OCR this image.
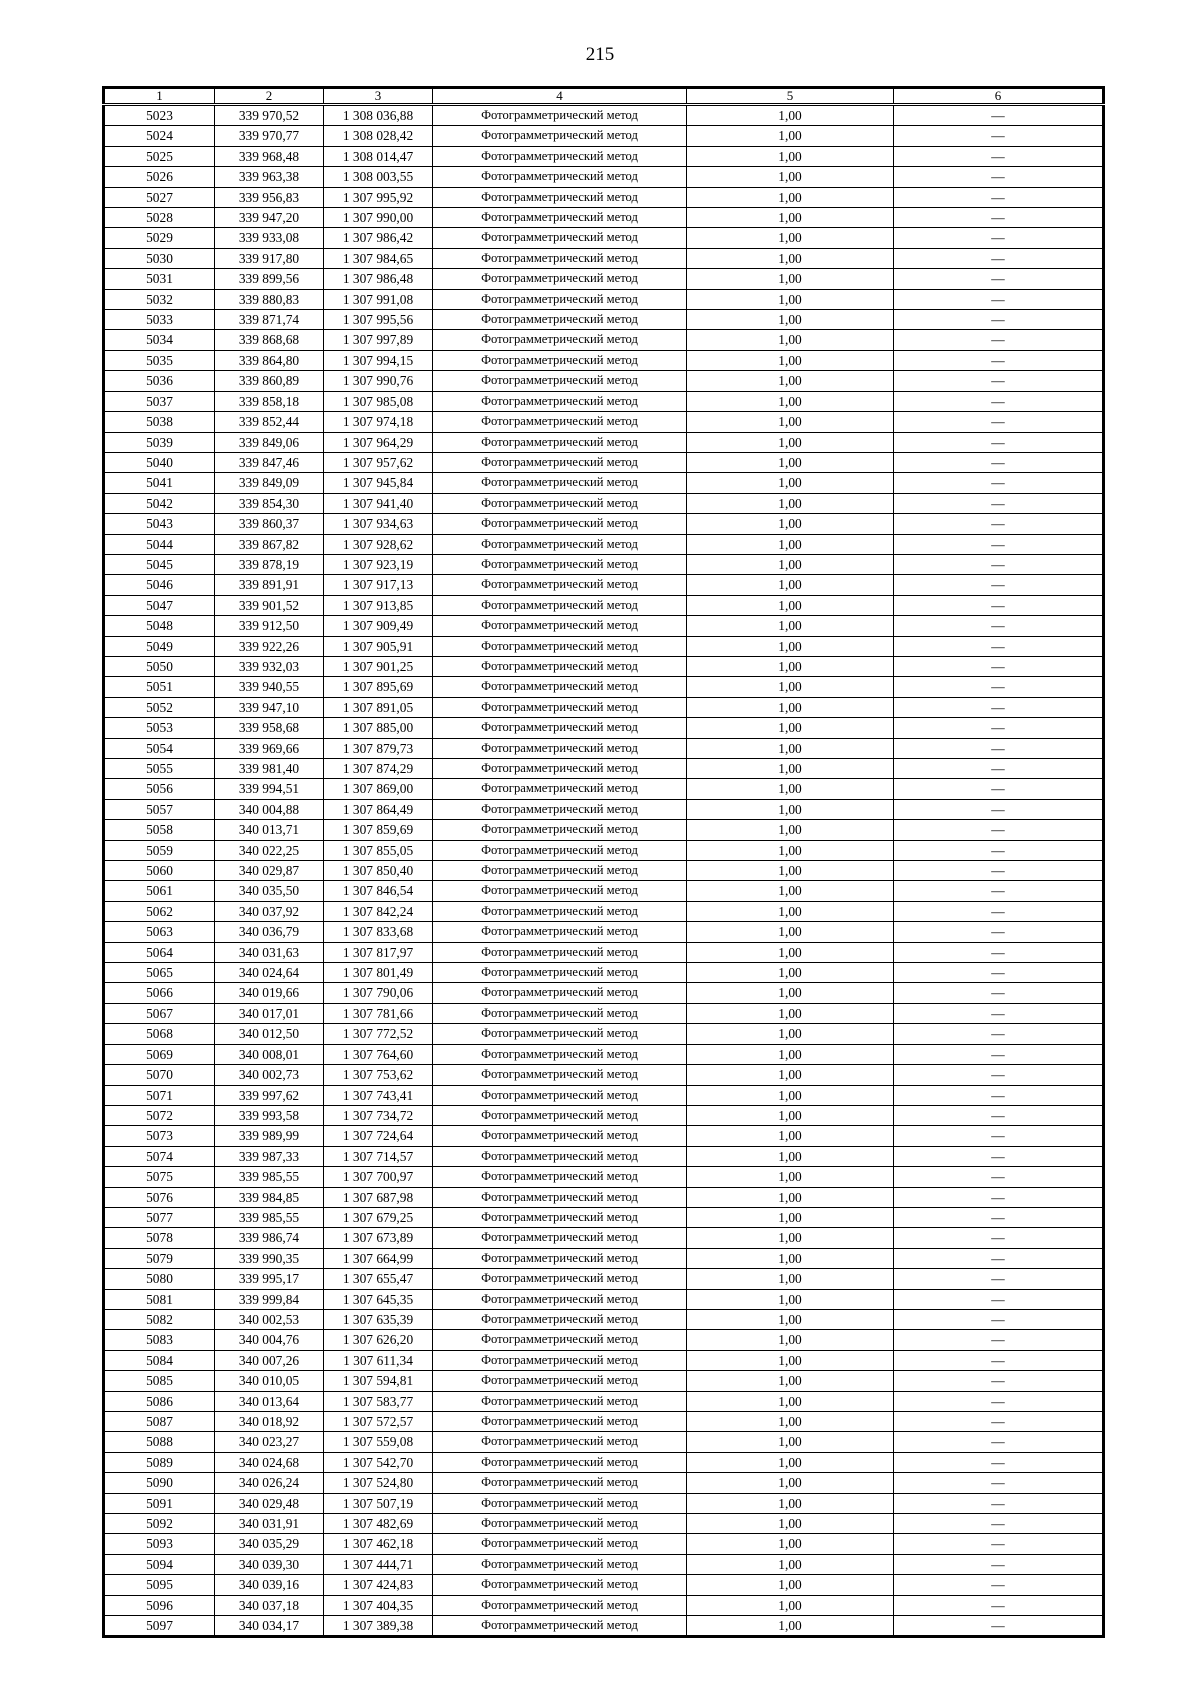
215
1	2	3	4	5	6
5023	339 970,52	1 308 036,88	Фотограмметрический метод	1,00	—
5024	339 970,77	1 308 028,42	Фотограмметрический метод	1,00	—
5025	339 968,48	1 308 014,47	Фотограмметрический метод	1,00	—
5026	339 963,38	1 308 003,55	Фотограмметрический метод	1,00	—
5027	339 956,83	1 307 995,92	Фотограмметрический метод	1,00	—
5028	339 947,20	1 307 990,00	Фотограмметрический метод	1,00	—
5029	339 933,08	1 307 986,42	Фотограмметрический метод	1,00	—
5030	339 917,80	1 307 984,65	Фотограмметрический метод	1,00	—
5031	339 899,56	1 307 986,48	Фотограмметрический метод	1,00	—
5032	339 880,83	1 307 991,08	Фотограмметрический метод	1,00	—
5033	339 871,74	1 307 995,56	Фотограмметрический метод	1,00	—
5034	339 868,68	1 307 997,89	Фотограмметрический метод	1,00	—
5035	339 864,80	1 307 994,15	Фотограмметрический метод	1,00	—
5036	339 860,89	1 307 990,76	Фотограмметрический метод	1,00	—
5037	339 858,18	1 307 985,08	Фотограмметрический метод	1,00	—
5038	339 852,44	1 307 974,18	Фотограмметрический метод	1,00	—
5039	339 849,06	1 307 964,29	Фотограмметрический метод	1,00	—
5040	339 847,46	1 307 957,62	Фотограмметрический метод	1,00	—
5041	339 849,09	1 307 945,84	Фотограмметрический метод	1,00	—
5042	339 854,30	1 307 941,40	Фотограмметрический метод	1,00	—
5043	339 860,37	1 307 934,63	Фотограмметрический метод	1,00	—
5044	339 867,82	1 307 928,62	Фотограмметрический метод	1,00	—
5045	339 878,19	1 307 923,19	Фотограмметрический метод	1,00	—
5046	339 891,91	1 307 917,13	Фотограмметрический метод	1,00	—
5047	339 901,52	1 307 913,85	Фотограмметрический метод	1,00	—
5048	339 912,50	1 307 909,49	Фотограмметрический метод	1,00	—
5049	339 922,26	1 307 905,91	Фотограмметрический метод	1,00	—
5050	339 932,03	1 307 901,25	Фотограмметрический метод	1,00	—
5051	339 940,55	1 307 895,69	Фотограмметрический метод	1,00	—
5052	339 947,10	1 307 891,05	Фотограмметрический метод	1,00	—
5053	339 958,68	1 307 885,00	Фотограмметрический метод	1,00	—
5054	339 969,66	1 307 879,73	Фотограмметрический метод	1,00	—
5055	339 981,40	1 307 874,29	Фотограмметрический метод	1,00	—
5056	339 994,51	1 307 869,00	Фотограмметрический метод	1,00	—
5057	340 004,88	1 307 864,49	Фотограмметрический метод	1,00	—
5058	340 013,71	1 307 859,69	Фотограмметрический метод	1,00	—
5059	340 022,25	1 307 855,05	Фотограмметрический метод	1,00	—
5060	340 029,87	1 307 850,40	Фотограмметрический метод	1,00	—
5061	340 035,50	1 307 846,54	Фотограмметрический метод	1,00	—
5062	340 037,92	1 307 842,24	Фотограмметрический метод	1,00	—
5063	340 036,79	1 307 833,68	Фотограмметрический метод	1,00	—
5064	340 031,63	1 307 817,97	Фотограмметрический метод	1,00	—
5065	340 024,64	1 307 801,49	Фотограмметрический метод	1,00	—
5066	340 019,66	1 307 790,06	Фотограмметрический метод	1,00	—
5067	340 017,01	1 307 781,66	Фотограмметрический метод	1,00	—
5068	340 012,50	1 307 772,52	Фотограмметрический метод	1,00	—
5069	340 008,01	1 307 764,60	Фотограмметрический метод	1,00	—
5070	340 002,73	1 307 753,62	Фотограмметрический метод	1,00	—
5071	339 997,62	1 307 743,41	Фотограмметрический метод	1,00	—
5072	339 993,58	1 307 734,72	Фотограмметрический метод	1,00	—
5073	339 989,99	1 307 724,64	Фотограмметрический метод	1,00	—
5074	339 987,33	1 307 714,57	Фотограмметрический метод	1,00	—
5075	339 985,55	1 307 700,97	Фотограмметрический метод	1,00	—
5076	339 984,85	1 307 687,98	Фотограмметрический метод	1,00	—
5077	339 985,55	1 307 679,25	Фотограмметрический метод	1,00	—
5078	339 986,74	1 307 673,89	Фотограмметрический метод	1,00	—
5079	339 990,35	1 307 664,99	Фотограмметрический метод	1,00	—
5080	339 995,17	1 307 655,47	Фотограмметрический метод	1,00	—
5081	339 999,84	1 307 645,35	Фотограмметрический метод	1,00	—
5082	340 002,53	1 307 635,39	Фотограмметрический метод	1,00	—
5083	340 004,76	1 307 626,20	Фотограмметрический метод	1,00	—
5084	340 007,26	1 307 611,34	Фотограмметрический метод	1,00	—
5085	340 010,05	1 307 594,81	Фотограмметрический метод	1,00	—
5086	340 013,64	1 307 583,77	Фотограмметрический метод	1,00	—
5087	340 018,92	1 307 572,57	Фотограмметрический метод	1,00	—
5088	340 023,27	1 307 559,08	Фотограмметрический метод	1,00	—
5089	340 024,68	1 307 542,70	Фотограмметрический метод	1,00	—
5090	340 026,24	1 307 524,80	Фотограмметрический метод	1,00	—
5091	340 029,48	1 307 507,19	Фотограмметрический метод	1,00	—
5092	340 031,91	1 307 482,69	Фотограмметрический метод	1,00	—
5093	340 035,29	1 307 462,18	Фотограмметрический метод	1,00	—
5094	340 039,30	1 307 444,71	Фотограмметрический метод	1,00	—
5095	340 039,16	1 307 424,83	Фотограмметрический метод	1,00	—
5096	340 037,18	1 307 404,35	Фотограмметрический метод	1,00	—
5097	340 034,17	1 307 389,38	Фотограмметрический метод	1,00	—
